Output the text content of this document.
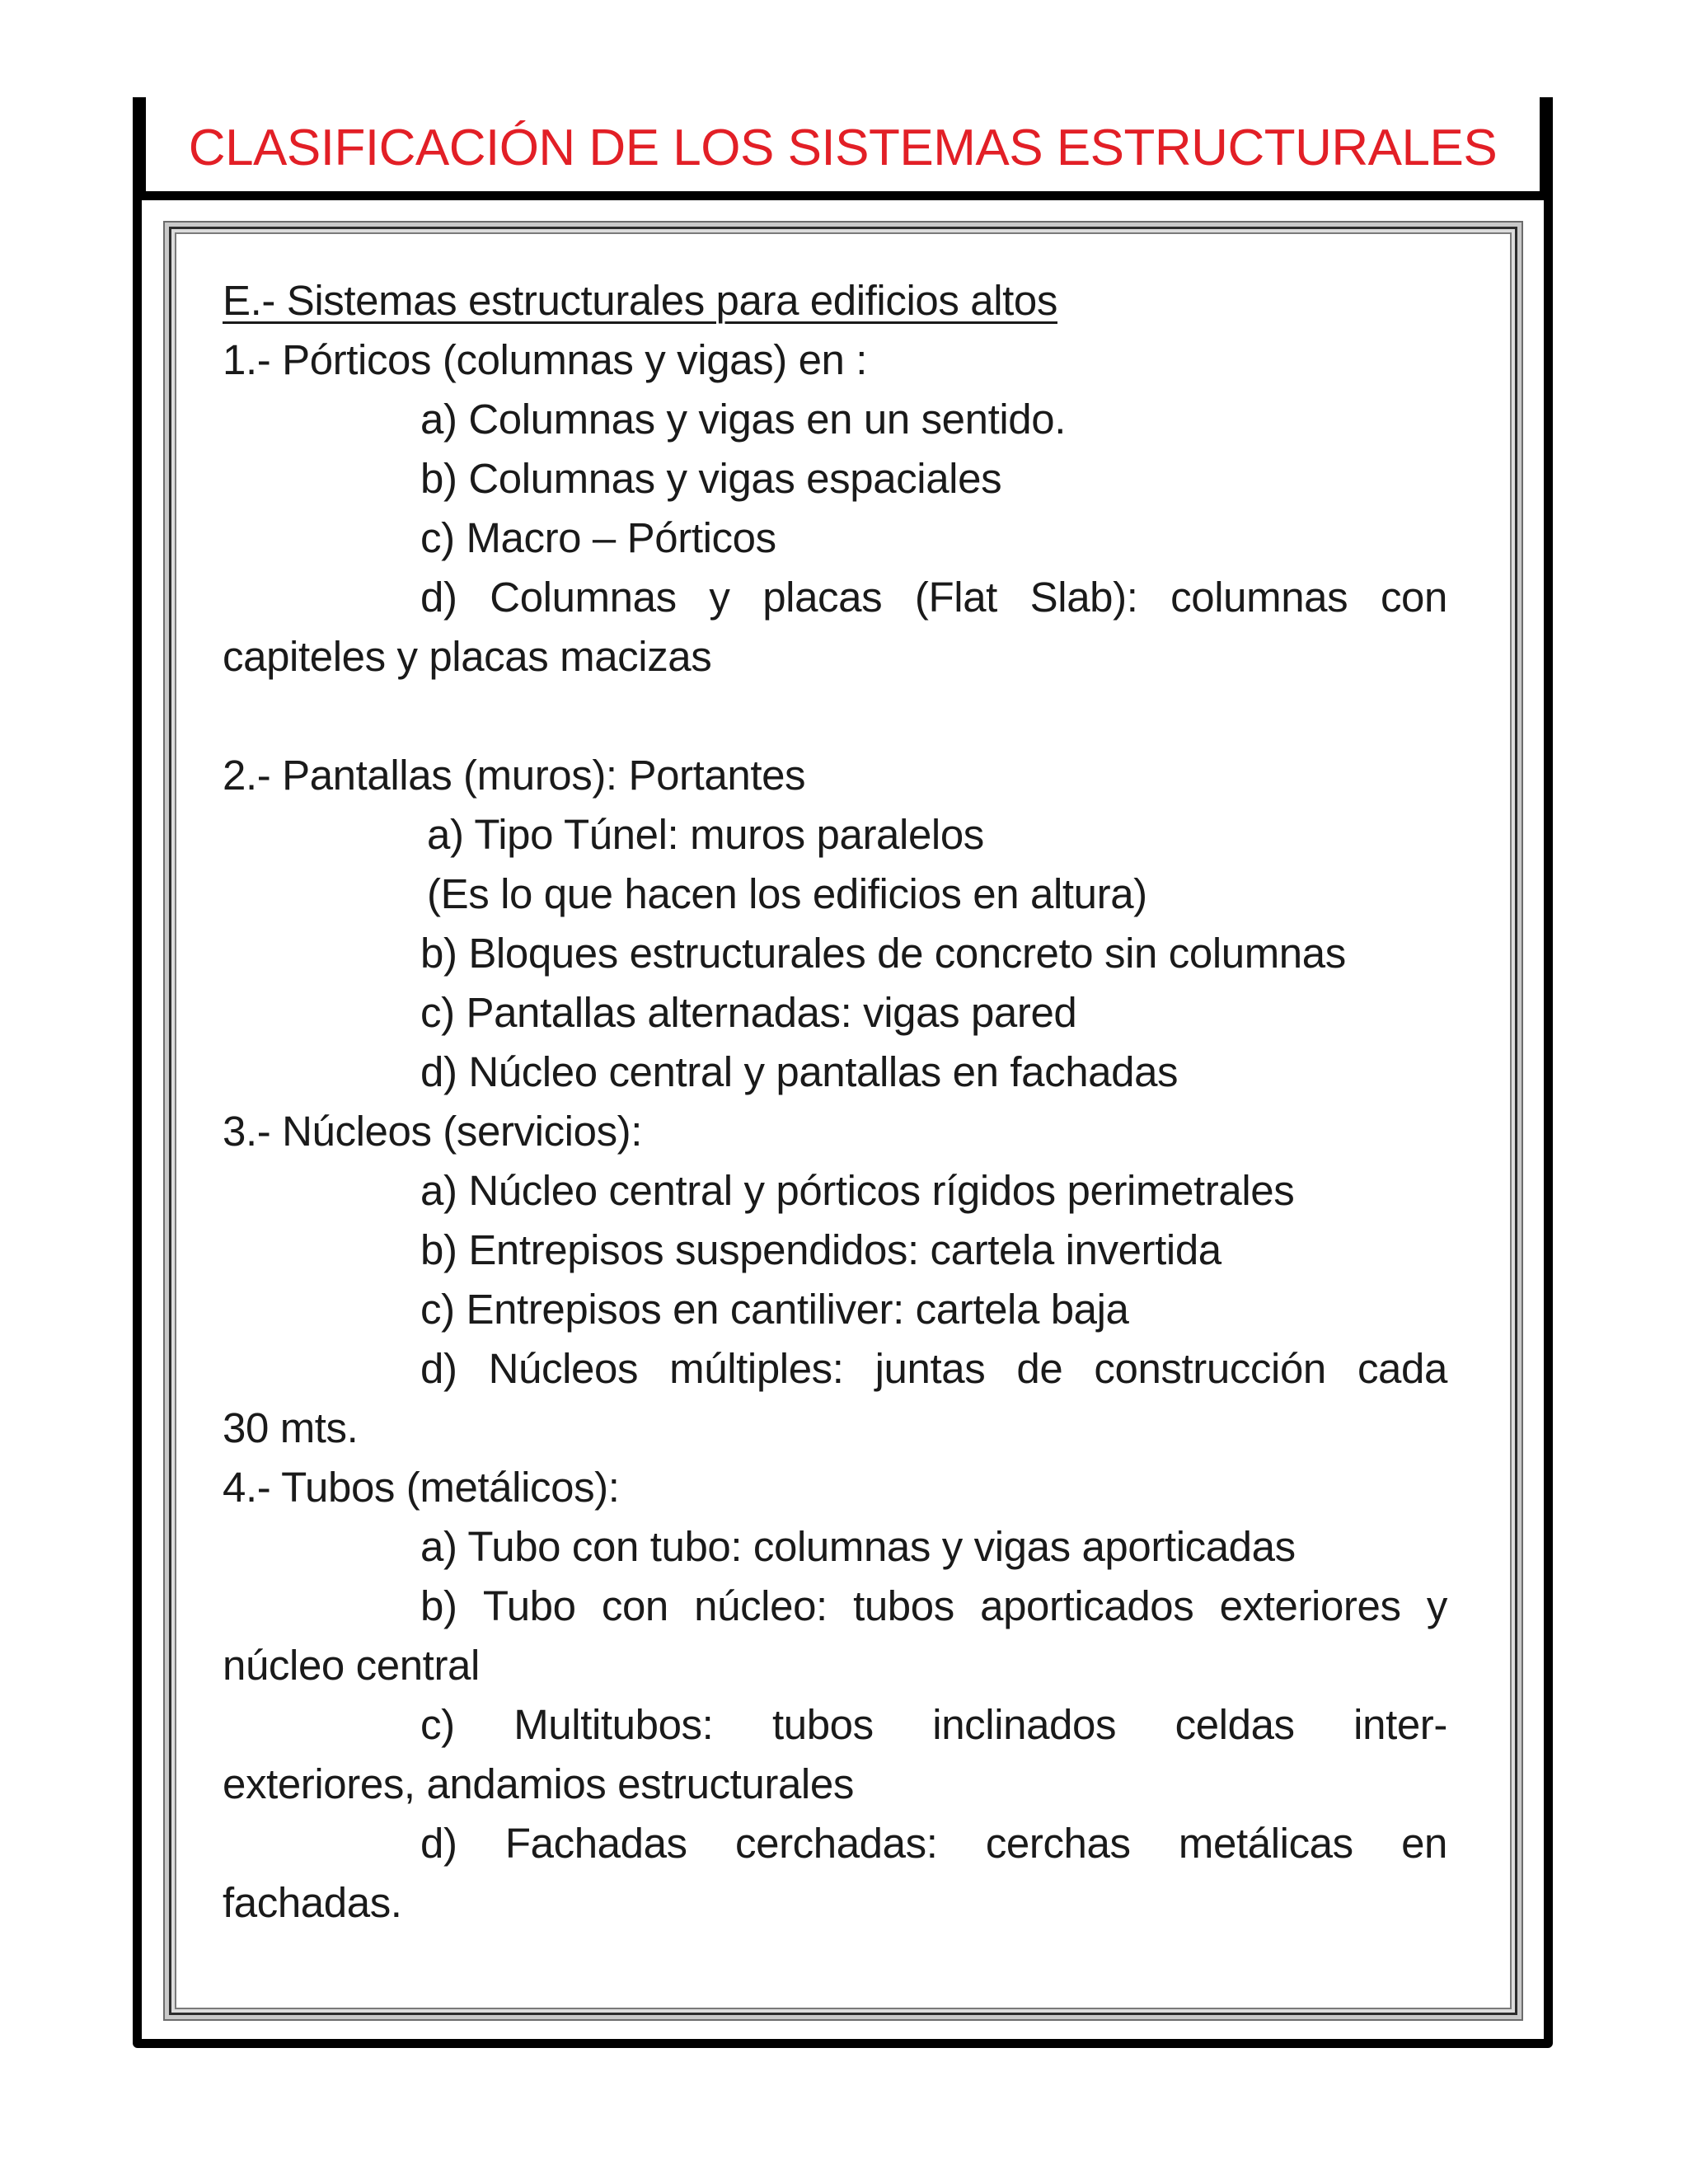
CLASIFICACIÓN DE LOS SISTEMAS ESTRUCTURALES
E.- Sistemas estructurales para edificios altos
1.- Pórticos (columnas y vigas) en :
a) Columnas y vigas en un sentido.
b) Columnas y vigas espaciales
c) Macro – Pórticos
d) Columnas y placas (Flat Slab): columnas con
capiteles y placas macizas
2.- Pantallas (muros): Portantes
a) Tipo Túnel: muros paralelos
(Es lo que hacen los edificios en altura)
b) Bloques estructurales de concreto sin columnas
c) Pantallas alternadas: vigas pared
d) Núcleo central y pantallas en fachadas
3.- Núcleos (servicios):
a) Núcleo central y pórticos rígidos perimetrales
b) Entrepisos suspendidos: cartela invertida
c) Entrepisos en cantiliver: cartela baja
d) Núcleos múltiples: juntas de construcción cada
30 mts.
4.- Tubos (metálicos):
a) Tubo con tubo: columnas y vigas aporticadas
b) Tubo con núcleo: tubos aporticados exteriores y
núcleo central
c) Multitubos: tubos inclinados celdas inter-
exteriores, andamios estructurales
d) Fachadas cerchadas: cerchas metálicas en
fachadas.
